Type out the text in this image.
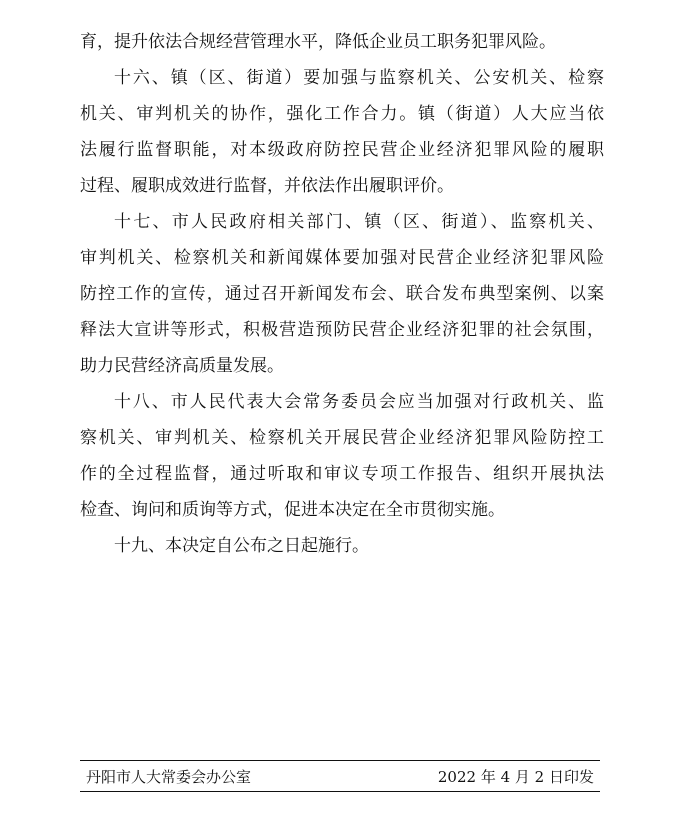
育，提升依法合规经营管理水平，降低企业员工职务犯罪风险。
十六、镇（区、街道）要加强与监察机关、公安机关、检察
机关、审判机关的协作，强化工作合力。镇（街道）人大应当依
法履行监督职能，对本级政府防控民营企业经济犯罪风险的履职
过程、履职成效进行监督，并依法作出履职评价。
十七、市人民政府相关部门、镇（区、街道）、监察机关、
审判机关、检察机关和新闻媒体要加强对民营企业经济犯罪风险
防控工作的宣传，通过召开新闻发布会、联合发布典型案例、以案
释法大宣讲等形式，积极营造预防民营企业经济犯罪的社会氛围，
助力民营经济高质量发展。
十八、市人民代表大会常务委员会应当加强对行政机关、监
察机关、审判机关、检察机关开展民营企业经济犯罪风险防控工
作的全过程监督，通过听取和审议专项工作报告、组织开展执法
检查、询问和质询等方式，促进本决定在全市贯彻实施。
十九、本决定自公布之日起施行。
丹阳市人大常委会办公室	2022 年 4 月 2 日印发
